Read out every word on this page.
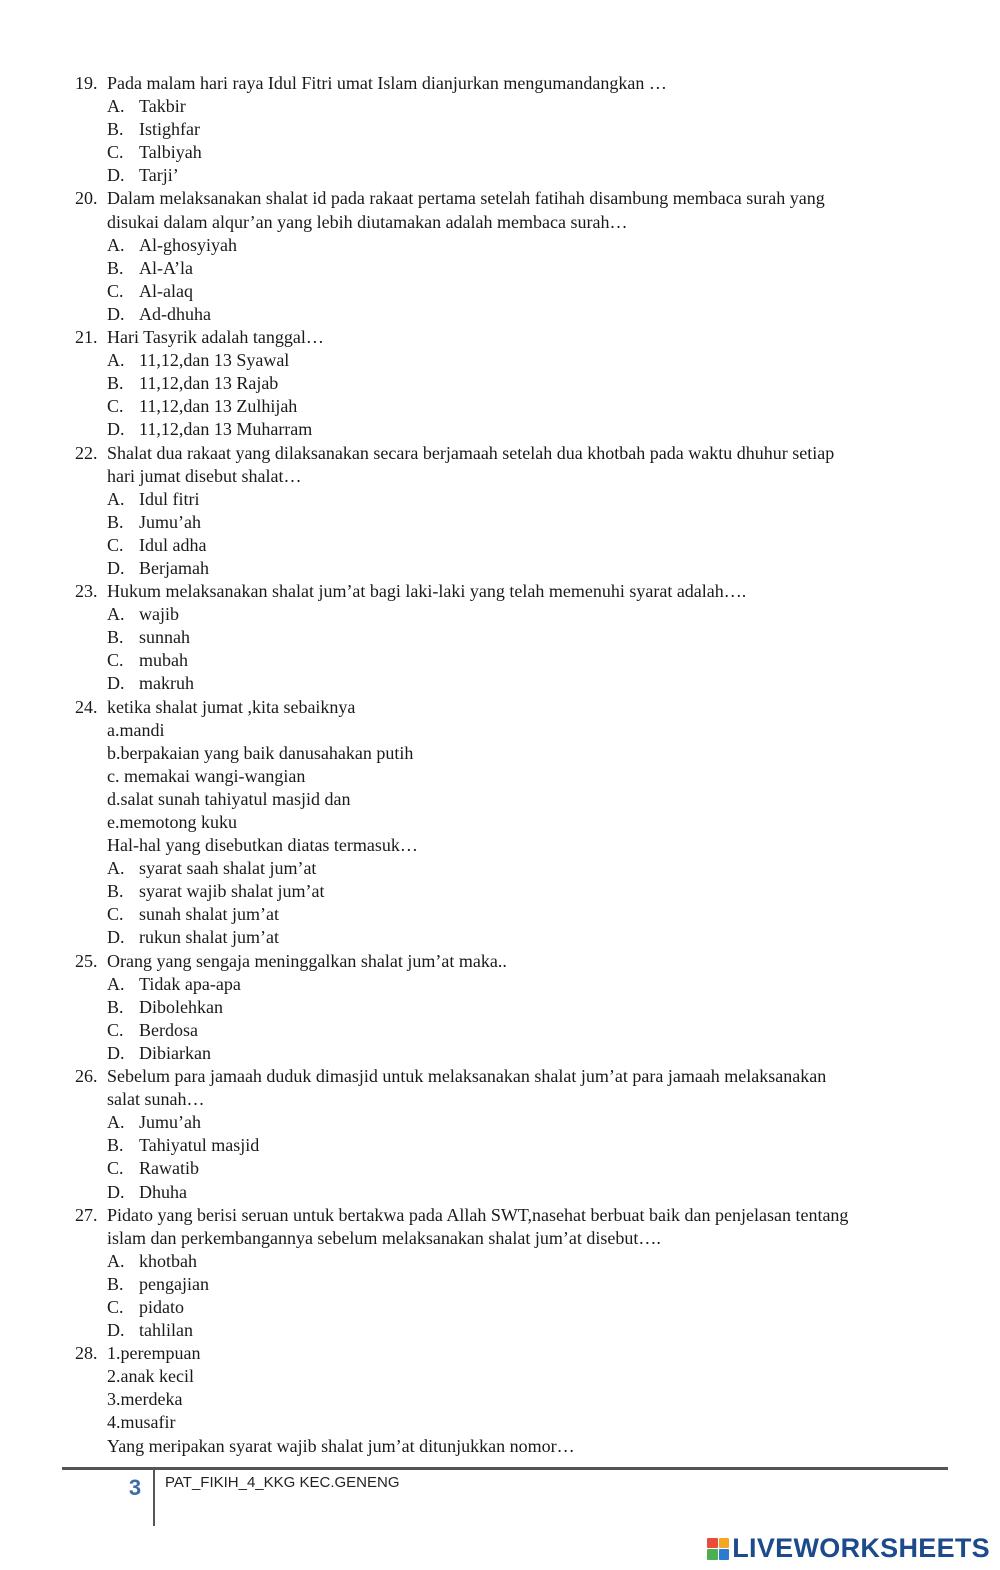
19. Pada malam hari raya Idul Fitri umat Islam dianjurkan mengumandangkan …
A. Takbir
B. Istighfar
C. Talbiyah
D. Tarji’
20. Dalam melaksanakan shalat id pada rakaat pertama setelah fatihah disambung membaca surah yang
disukai dalam alqur’an yang lebih diutamakan adalah membaca surah…
A. Al-ghosyiyah
B. Al-A’la
C. Al-alaq
D. Ad-dhuha
21. Hari Tasyrik adalah tanggal…
A. 11,12,dan 13 Syawal
B. 11,12,dan 13 Rajab
C. 11,12,dan 13 Zulhijah
D. 11,12,dan 13 Muharram
22. Shalat dua rakaat yang dilaksanakan secara berjamaah setelah dua khotbah pada waktu dhuhur setiap
hari jumat disebut shalat…
A. Idul fitri
B. Jumu’ah
C. Idul adha
D. Berjamah
23. Hukum melaksanakan shalat jum’at bagi laki-laki yang telah memenuhi syarat adalah….
A. wajib
B. sunnah
C. mubah
D. makruh
24. ketika shalat jumat ,kita sebaiknya
a.mandi
b.berpakaian yang baik danusahakan putih
c. memakai wangi-wangian
d.salat sunah tahiyatul masjid dan
e.memotong kuku
Hal-hal yang disebutkan diatas termasuk…
A. syarat saah shalat jum’at
B. syarat wajib shalat jum’at
C. sunah shalat jum’at
D. rukun shalat jum’at
25. Orang yang sengaja meninggalkan shalat jum’at maka..
A. Tidak apa-apa
B. Dibolehkan
C. Berdosa
D. Dibiarkan
26. Sebelum para jamaah duduk dimasjid untuk melaksanakan shalat jum’at para jamaah melaksanakan
salat sunah…
A. Jumu’ah
B. Tahiyatul masjid
C. Rawatib
D. Dhuha
27. Pidato yang berisi seruan untuk bertakwa pada Allah SWT,nasehat berbuat baik dan penjelasan tentang
islam dan perkembangannya sebelum melaksanakan shalat jum’at disebut….
A. khotbah
B. pengajian
C. pidato
D. tahlilan
28. 1.perempuan
2.anak kecil
3.merdeka
4.musafir
Yang meripakan syarat wajib shalat jum’at ditunjukkan nomor…
3	PAT_FIKIH_4_KKG KEC.GENENG
LIVEWORKSHEETS
